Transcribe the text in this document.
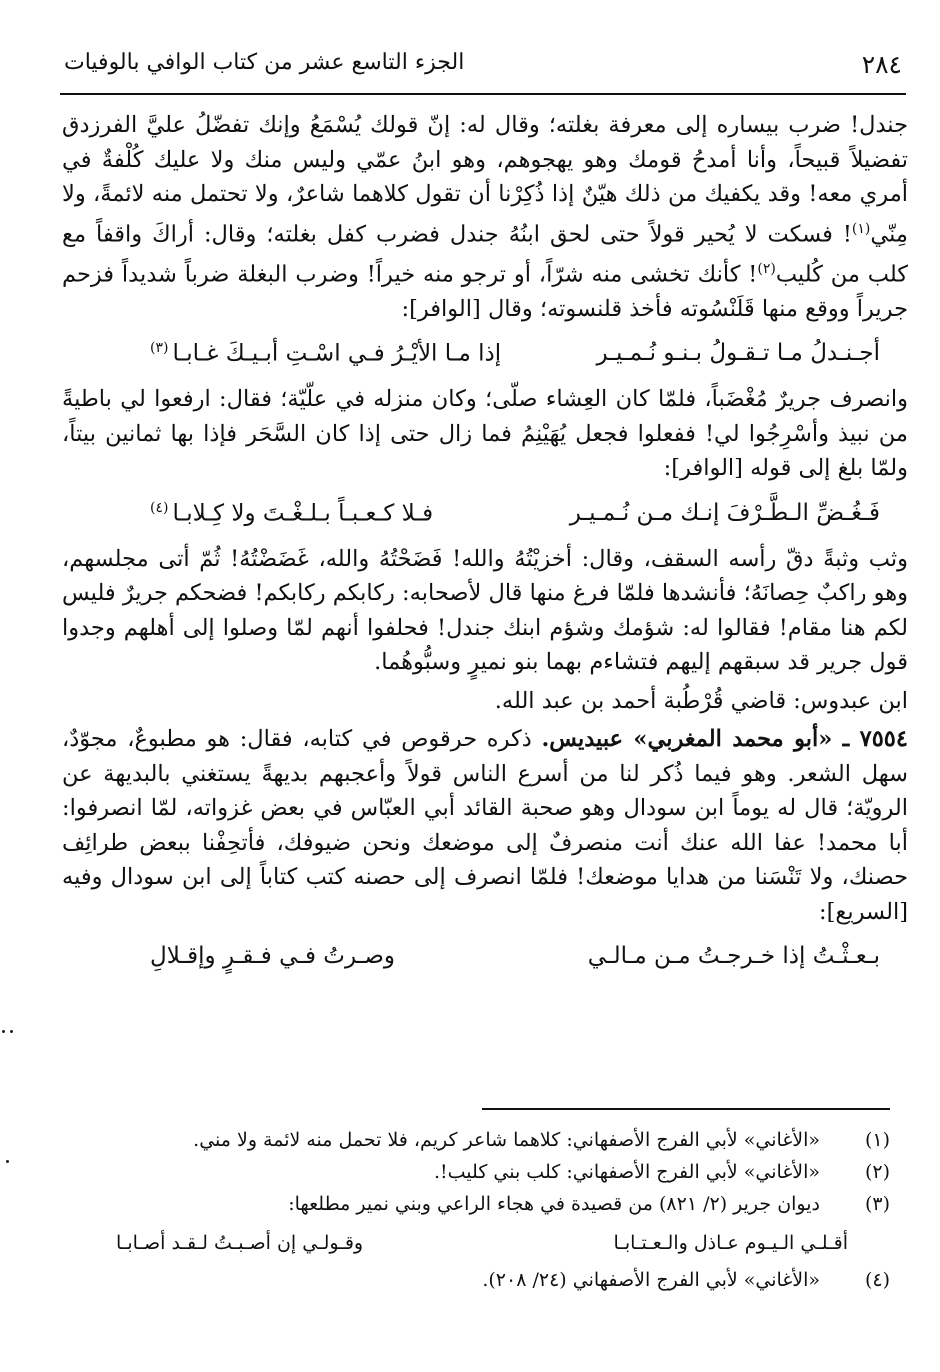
٢٨٤
الجزء التاسع عشر من كتاب الوافي بالوفيات

جندل! ضرب بيساره إلى معرفة بغلته؛ وقال له: إنّ قولك يُسْمَعُ وإنك تفضّلُ عليَّ الفرزدق تفضيلاً قبيحاً، وأنا أمدحُ قومك وهو يهجوهم، وهو ابنُ عمّي وليس منك ولا عليك كُلْفةٌ في أمري معه! وقد يكفيك من ذلك هيّنٌ إذا ذُكِرْنا أن تقول كلاهما شاعرٌ، ولا تحتمل منه لائمةً، ولا مِنّي$^{(١)}$! فسكت لا يُحير قولاً حتى لحق ابنُهُ جندل فضرب كفل بغلته؛ وقال: أراكَ واقفاً مع كلب من كُليب$^{(٢)}$! كأنك تخشى منه شرّاً، أو ترجو منه خيراً! وضرب البغلة ضرباً شديداً فزحم جريراً ووقع منها قَلَنْسُوته فأخذ قلنسوته؛ وقال [الوافر]:

أجـنـدلُ مـا تـقـولُ بـنـو نُـمـيـر
إذا مـا الأيْـرُ فـي اسْـتِ أبـيـكَ غـابـا$^{(٣)}$

وانصرف جريرٌ مُغْضَباً، فلمّا كان العِشاء صلّى؛ وكان منزله في علّيّة؛ فقال: ارفعوا لي باطيةً من نبيذ وأسْرِجُوا لي! ففعلوا فجعل يُهَيْنِمُ فما زال حتى إذا كان السَّحَر فإذا بها ثمانين بيتاً، ولمّا بلغ إلى قوله [الوافر]:

فَـغُـضِّ الـطَّـرْفَ إنـك مـن نُـمـيـر
فـلا كـعـبـاً بـلـغْـتَ ولا كِـلابـا$^{(٤)}$

وثب وثبةً دقّ رأسه السقف، وقال: أخزيْتُهُ والله! فَضَحْتُهُ والله، غَضَضْتُهُ! ثُمّ أتى مجلسهم، وهو راكبٌ حِصانَهُ؛ فأنشدها فلمّا فرغ منها قال لأصحابه: ركابكم ركابكم! فضحكم جريرٌ فليس لكم هنا مقام! فقالوا له: شؤمك وشؤم ابنك جندل! فحلفوا أنهم لمّا وصلوا إلى أهلهم وجدوا قول جرير قد سبقهم إليهم فتشاءم بهما بنو نميرٍ وسبُّوهُما.

ابن عبدوس: قاضي قُرْطُبة أحمد بن عبد الله.

٧٥٥٤ ـ «أبو محمد المغربي» عبيديس. ذكره حرقوص في كتابه، فقال: هو مطبوعٌ، مجوّدٌ، سهل الشعر. وهو فيما ذُكر لنا من أسرع الناس قولاً وأعجبهم بديهةً يستغني بالبديهة عن الرويّة؛ قال له يوماً ابن سودال وهو صحبة القائد أبي العبّاس في بعض غزواته، لمّا انصرفوا: أبا محمد! عفا الله عنك أنت منصرفٌ إلى موضعك ونحن ضيوفك، فأتحِفْنا ببعض طرائِف حصنك، ولا تَنْسَنا من هدايا موضعك! فلمّا انصرف إلى حصنه كتب كتاباً إلى ابن سودال وفيه [السريع]:

بـعـثْـتُ إذا خـرجـتُ مـن مـالـي
وصـرتُ فـي فـقـرٍ وإقـلالِ
(١)
«الأغاني» لأبي الفرج الأصفهاني: كلاهما شاعر كريم، فلا تحمل منه لائمة ولا مني.
(٢)
«الأغاني» لأبي الفرج الأصفهاني: كلب بني كليب!.
(٣)
ديوان جرير (٢/ ٨٢١) من قصيدة في هجاء الراعي وبني نمير مطلعها:
أقـلـي الـيـوم عـاذل والـعـتـابـا
وقـولـي إن أصـبـتُ لـقـد أصـابـا
(٤)
«الأغاني» لأبي الفرج الأصفهاني (٢٤/ ٢٠٨).
